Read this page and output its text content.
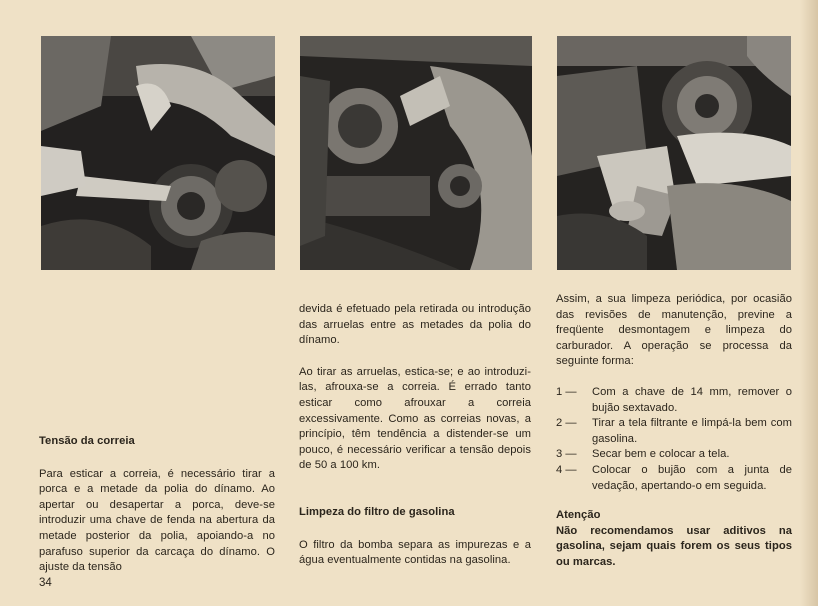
Tensão da correia

Para esticar a correia, é necessário tirar a porca e a metade da polia do dínamo. Ao apertar ou desapertar a porca, deve-se introduzir uma chave de fenda na abertura da metade posterior da polia, apoiando-a no parafuso superior da carcaça do dínamo. O ajuste da tensão

devida é efetuado pela retirada ou introdução das arruelas entre as metades da polia do dínamo.

Ao tirar as arruelas, estica-se; e ao introduzi-las, afrouxa-se a correia. É errado tanto esticar como afrouxar a correia excessivamente. Como as correias novas, a princípio, têm tendência a distender-se um pouco, é necessário verificar a tensão depois de 50 a 100 km.

Limpeza do filtro de gasolina

O filtro da bomba separa as impurezas e a água eventualmente contidas na gasolina.

Assim, a sua limpeza periódica, por ocasião das revisões de manutenção, previne a freqüente desmontagem e limpeza do carburador. A operação se processa da seguinte forma:

1 —	Com a chave de 14 mm, remover o bujão sextavado.
2 —	Tirar a tela filtrante e limpá-la bem com gasolina.
3 —	Secar bem e colocar a tela.
4 —	Colocar o bujão com a junta de vedação, apertando-o em seguida.

Atenção

Não recomendamos usar aditivos na gasolina, sejam quais forem os seus tipos ou marcas.

34
